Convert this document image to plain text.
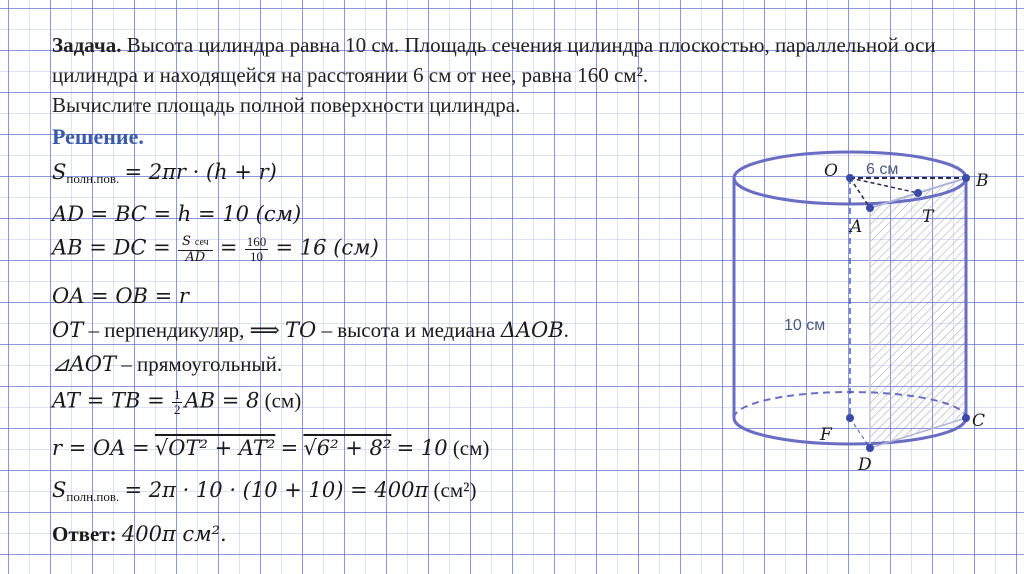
Задача. Высота цилиндра равна 10 см. Площадь сечения цилиндра плоскостью, параллельной оси цилиндра и находящейся на расстоянии 6 см от нее, равна 160 см².
Вычислите площадь полной поверхности цилиндра.
Решение.
$S_{полн.пов.} = 2\pi r \cdot (h + r)$
AD = BC = h = 10 (см)
AB = DC = $\frac{\text{S сеч}}{AD} = \frac{160}{10} = 16$ (см)
OA = OB = r
OT – перпендикуляр, ⟹ TO – высота и медиана ΔAOB.
⊿AOT – прямоугольный.
AT = TB = $\frac{1}{2}$ AB = 8 (см)
r = OA = √OT² + AT² = √6² + 8² = 10 (см)
$S_{полн.пов.} = 2\pi \cdot 10 \cdot (10 + 10) = 400\pi$ (см²)
Ответ: 400π см².
O	B
A	T
C
F
D
6 см
10 см
